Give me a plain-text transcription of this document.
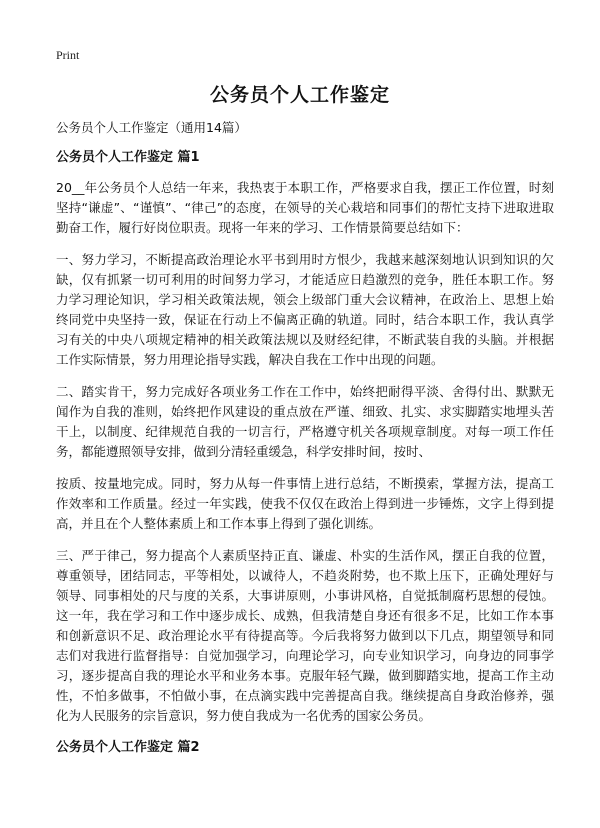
Print
公务员个人工作鉴定

公务员个人工作鉴定（通用14篇）

公务员个人工作鉴定 篇1

20__年公务员个人总结一年来，我热衷于本职工作，严格要求自我，摆正工作位置，时刻坚持“谦虚”、“谨慎”、“律己”的态度，在领导的关心栽培和同事们的帮忙支持下进取进取勤奋工作，履行好岗位职责。现将一年来的学习、工作情景简要总结如下：

一、努力学习，不断提高政治理论水平书到用时方恨少，我越来越深刻地认识到知识的欠缺，仅有抓紧一切可利用的时间努力学习，才能适应日趋激烈的竞争，胜任本职工作。努力学习理论知识，学习相关政策法规，领会上级部门重大会议精神，在政治上、思想上始终同党中央坚持一致，保证在行动上不偏离正确的轨道。同时，结合本职工作，我认真学习有关的中央八项规定精神的相关政策法规以及财经纪律，不断武装自我的头脑。并根据工作实际情景，努力用理论指导实践，解决自我在工作中出现的问题。

二、踏实肯干，努力完成好各项业务工作在工作中，始终把耐得平淡、舍得付出、默默无闻作为自我的准则，始终把作风建设的重点放在严谨、细致、扎实、求实脚踏实地埋头苦干上，以制度、纪律规范自我的一切言行，严格遵守机关各项规章制度。对每一项工作任务，都能遵照领导安排，做到分清轻重缓急，科学安排时间，按时、

按质、按量地完成。同时，努力从每一件事情上进行总结，不断摸索，掌握方法，提高工作效率和工作质量。经过一年实践，使我不仅仅在政治上得到进一步锤炼，文字上得到提高，并且在个人整体素质上和工作本事上得到了强化训练。

三、严于律己，努力提高个人素质坚持正直、谦虚、朴实的生活作风，摆正自我的位置，尊重领导，团结同志，平等相处，以诚待人，不趋炎附势，也不欺上压下，正确处理好与领导、同事相处的尺与度的关系，大事讲原则，小事讲风格，自觉抵制腐朽思想的侵蚀。这一年，我在学习和工作中逐步成长、成熟，但我清楚自身还有很多不足，比如工作本事和创新意识不足、政治理论水平有待提高等。今后我将努力做到以下几点，期望领导和同志们对我进行监督指导：自觉加强学习，向理论学习，向专业知识学习，向身边的同事学习，逐步提高自我的理论水平和业务本事。克服年轻气躁，做到脚踏实地，提高工作主动性，不怕多做事，不怕做小事，在点滴实践中完善提高自我。继续提高自身政治修养，强化为人民服务的宗旨意识，努力使自我成为一名优秀的国家公务员。

公务员个人工作鉴定 篇2
